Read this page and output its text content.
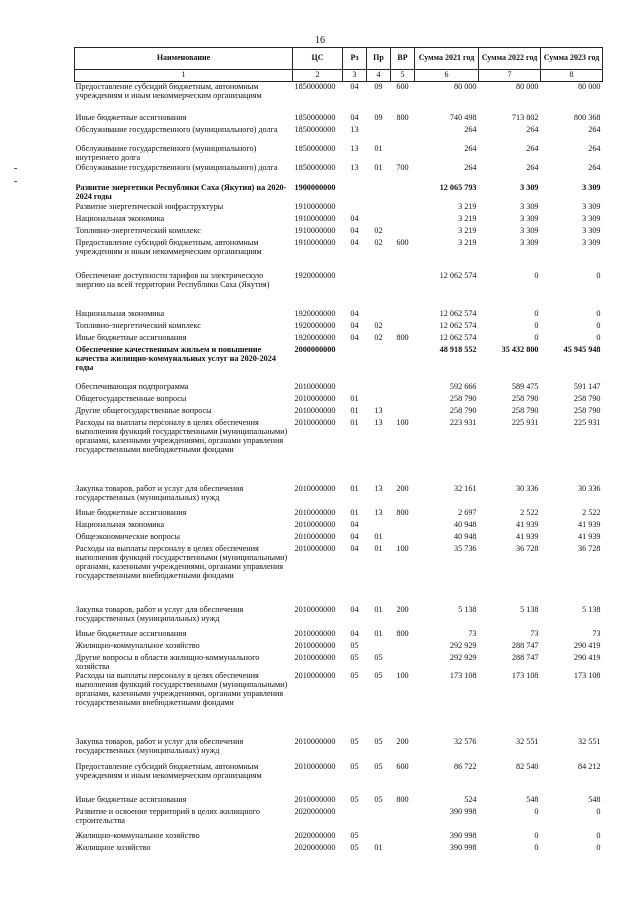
16
Наименование	ЦС	Рз	Пр	ВР	Сумма 2021 год	Сумма 2022 год	Сумма 2023 год
1	2	3	4	5	6	7	8
Предоставление субсидий бюджетным, автономным учреждениям и иным некоммерческим организациям	1850000000	04	09	600	80 000	80 000	80 000
Иные бюджетные ассигнования	1850000000	04	09	800	740 498	713 802	800 368
Обслуживание государственного (муниципального) долга	1850000000	13			264	264	264
Обслуживание государственного (муниципального) внутреннего долга	1850000000	13	01		264	264	264
Обслуживание государственного (муниципального) долга	1850000000	13	01	700	264	264	264
Развитие энергетики Республики Саха (Якутия) на 2020-2024 годы	1900000000				12 065 793	3 309	3 309
Развитие энергетической инфраструктуры	1910000000				3 219	3 309	3 309
Национальная экономика	1910000000	04			3 219	3 309	3 309
Топливно-энергетический комплекс	1910000000	04	02		3 219	3 309	3 309
Предоставление субсидий бюджетным, автономным учреждениям и иным некоммерческим организациям	1910000000	04	02	600	3 219	3 309	3 309
Обеспечение доступности тарифов на электрическую энергию на всей территории Республики Саха (Якутия)	1920000000				12 062 574	0	0
Национальная экономика	1920000000	04			12 062 574	0	0
Топливно-энергетический комплекс	1920000000	04	02		12 062 574	0	0
Иные бюджетные ассигнования	1920000000	04	02	800	12 062 574	0	0
Обеспечение качественным жильем и повышение качества жилищно-коммунальных услуг на 2020-2024 годы	2000000000				48 918 552	35 432 800	45 945 948
Обеспечивающая подпрограмма	2010000000				592 666	589 475	591 147
Общегосударственные вопросы	2010000000	01			258 790	258 790	258 790
Другие общегосударственные вопросы	2010000000	01	13		258 790	258 790	258 790
Расходы на выплаты персоналу в целях обеспечения выполнения функций государственными (муниципальными) органами, казенными учреждениями, органами управления государственными внебюджетными фондами	2010000000	01	13	100	223 931	225 931	225 931
Закупка товаров, работ и услуг для обеспечения государственных (муниципальных) нужд	2010000000	01	13	200	32 161	30 336	30 336
Иные бюджетные ассигнования	2010000000	01	13	800	2 697	2 522	2 522
Национальная экономика	2010000000	04			40 948	41 939	41 939
Общеэкономические вопросы	2010000000	04	01		40 948	41 939	41 939
Расходы на выплаты персоналу в целях обеспечения выполнения функций государственными (муниципальными) органами, казенными учреждениями, органами управления государственными внебюджетными фондами	2010000000	04	01	100	35 736	36 728	36 728
Закупка товаров, работ и услуг для обеспечения государственных (муниципальных) нужд	2010000000	04	01	200	5 138	5 138	5 138
Иные бюджетные ассигнования	2010000000	04	01	800	73	73	73
Жилищно-коммунальное хозяйство	2010000000	05			292 929	288 747	290 419
Другие вопросы в области жилищно-коммунального хозяйства	2010000000	05	05		292 929	288 747	290 419
Расходы на выплаты персоналу в целях обеспечения выполнения функций государственными (муниципальными) органами, казенными учреждениями, органами управления государственными внебюджетными фондами	2010000000	05	05	100	173 108	173 108	173 108
Закупка товаров, работ и услуг для обеспечения государственных (муниципальных) нужд	2010000000	05	05	200	32 576	32 551	32 551
Предоставление субсидий бюджетным, автономным учреждениям и иным некоммерческим организациям	2010000000	05	05	600	86 722	82 540	84 212
Иные бюджетные ассигнования	2010000000	05	05	800	524	548	548
Развитие и освоение территорий в целях жилищного строительства	2020000000				390 998	0	0
Жилищно-коммунальное хозяйство	2020000000	05			390 998	0	0
Жилищное хозяйство	2020000000	05	01		390 998	0	0
